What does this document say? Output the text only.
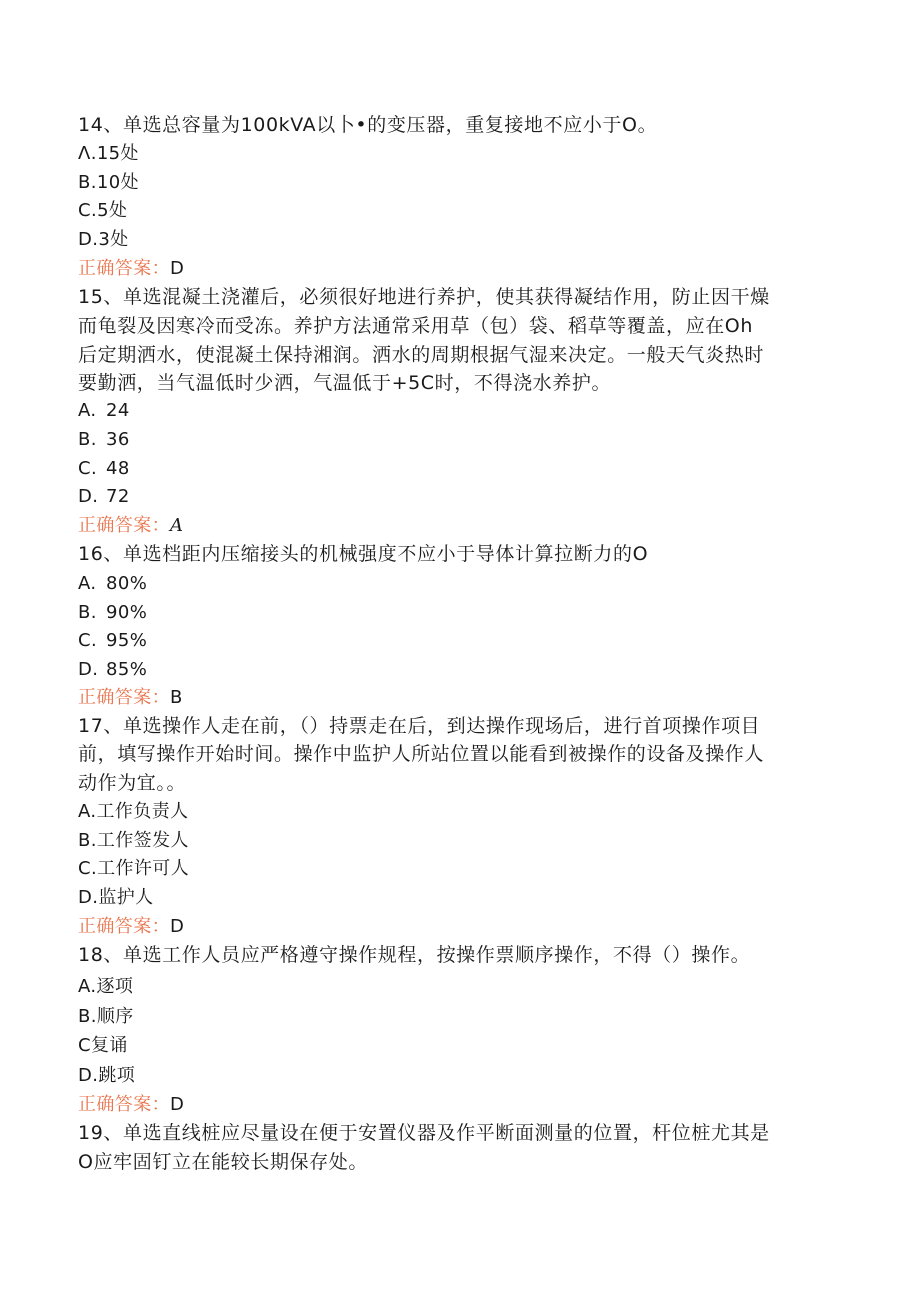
14、单选总容量为100kVA以卜•的变压器，重复接地不应小于O。
Λ.15处
B.10处
C.5处
D.3处
正确答案：D
15、单选混凝土浇灌后，必须很好地进行养护，使其获得凝结作用，防止因干燥
而龟裂及因寒冷而受冻。养护方法通常采用草（包）袋、稻草等覆盖，应在Oh
后定期洒水，使混凝土保持湘润。洒水的周期根据气湿来决定。一般天气炎热时
要勤洒，当气温低时少洒，气温低于+5C时，不得浇水养护。
A. 24
B. 36
C. 48
D. 72
正确答案：A
16、单选档距内压缩接头的机械强度不应小于导体计算拉断力的O
A. 80%
B. 90%
C. 95%
D. 85%
正确答案：B
17、单选操作人走在前，（）持票走在后，到达操作现场后，进行首项操作项目
前，填写操作开始时间。操作中监护人所站位置以能看到被操作的设备及操作人
动作为宜。。
A.工作负责人
B.工作签发人
C.工作许可人
D.监护人
正确答案：D
18、单选工作人员应严格遵守操作规程，按操作票顺序操作，不得（）操作。
A.逐项
B.顺序
C复诵
D.跳项
正确答案：D
19、单选直线桩应尽量设在便于安置仪器及作平断面测量的位置，杆位桩尤其是
O应牢固钉立在能较长期保存处。
